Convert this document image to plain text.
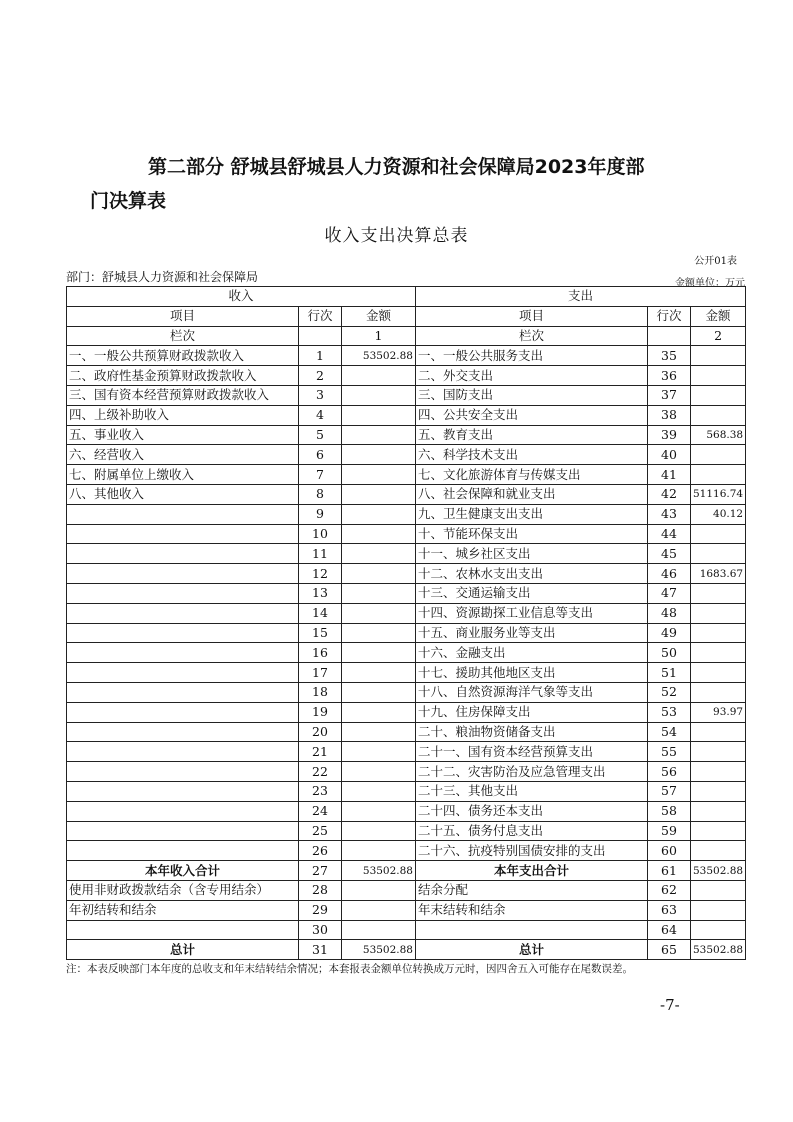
第二部分 舒城县舒城县人力资源和社会保障局2023年度部
门决算表
收入支出决算总表
公开01表
部门：舒城县人力资源和社会保障局	金额单位：万元
收入			支出		
项目	行次	金额	项目	行次	金额
栏次		1	栏次		2
一、一般公共预算财政拨款收入	1	53502.88	一、一般公共服务支出	35	
二、政府性基金预算财政拨款收入	2		二、外交支出	36	
三、国有资本经营预算财政拨款收入	3		三、国防支出	37	
四、上级补助收入	4		四、公共安全支出	38	
五、事业收入	5		五、教育支出	39	568.38
六、经营收入	6		六、科学技术支出	40	
七、附属单位上缴收入	7		七、文化旅游体育与传媒支出	41	
八、其他收入	8		八、社会保障和就业支出	42	51116.74
	9		九、卫生健康支出支出	43	40.12
	10		十、节能环保支出	44	
	11		十一、城乡社区支出	45	
	12		十二、农林水支出支出	46	1683.67
	13		十三、交通运输支出	47	
	14		十四、资源勘探工业信息等支出	48	
	15		十五、商业服务业等支出	49	
	16		十六、金融支出	50	
	17		十七、援助其他地区支出	51	
	18		十八、自然资源海洋气象等支出	52	
	19		十九、住房保障支出	53	93.97
	20		二十、粮油物资储备支出	54	
	21		二十一、国有资本经营预算支出	55	
	22		二十二、灾害防治及应急管理支出	56	
	23		二十三、其他支出	57	
	24		二十四、债务还本支出	58	
	25		二十五、债务付息支出	59	
	26		二十六、抗疫特别国债安排的支出	60	
本年收入合计	27	53502.88	本年支出合计	61	53502.88
使用非财政拨款结余（含专用结余）	28		结余分配	62	
年初结转和结余	29		年末结转和结余	63	
	30			64	
总计	31	53502.88	总计	65	53502.88
注：本表反映部门本年度的总收支和年末结转结余情况；本套报表金额单位转换成万元时，因四舍五入可能存在尾数误差。
-7-
